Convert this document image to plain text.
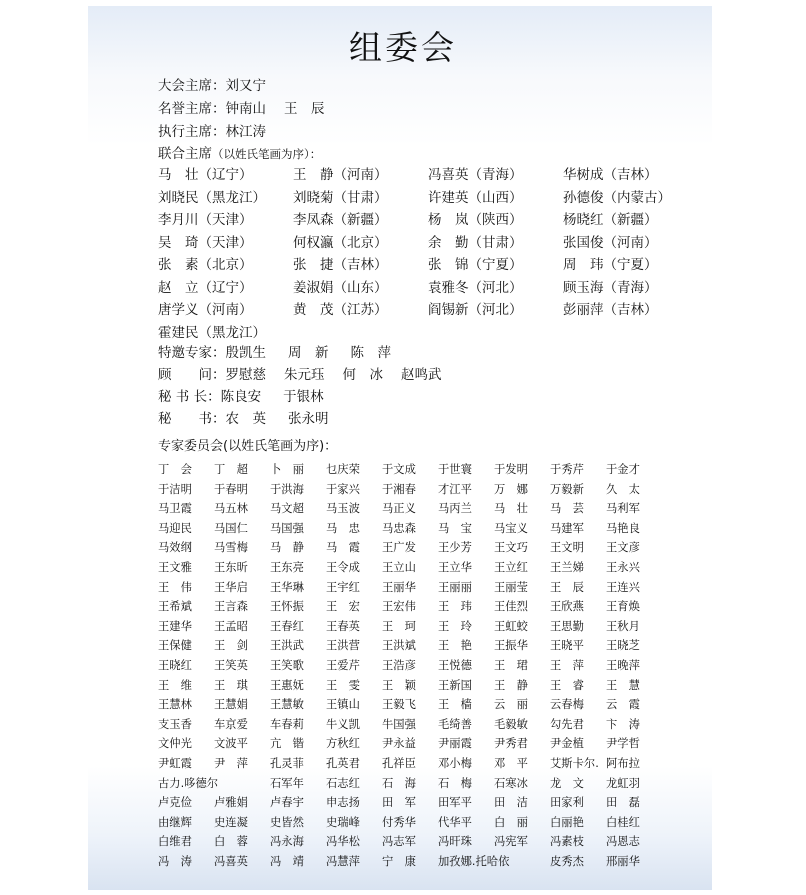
组委会
大会主席：刘又宁
名誉主席：钟南山 王　辰
执行主席：林江涛
联合主席（以姓氏笔画为序）：
马　壮（辽宁）	王　静（河南）	冯喜英（青海）	华树成（吉林）
刘晓民（黑龙江）	刘晓菊（甘肃）	许建英（山西）	孙德俊（内蒙古）
李月川（天津）	李凤森（新疆）	杨　岚（陕西）	杨晓红（新疆）
吴　琦（天津）	何权瀛（北京）	余　勤（甘肃）	张国俊（河南）
张　素（北京）	张　捷（吉林）	张　锦（宁夏）	周　玮（宁夏）
赵　立（辽宁）	姜淑娟（山东）	袁雅冬（河北）	顾玉海（青海）
唐学义（河南）	黄　茂（江苏）	阎锡新（河北）	彭丽萍（吉林）
霍建民（黑龙江）
特邀专家：殷凯生 周　新 陈　萍
顾　　问：罗慰慈 朱元珏 何　冰 赵鸣武
秘 书 长：陈良安 于银林
秘　　书：农　英 张永明
专家委员会(以姓氏笔画为序)：
丁　会	丁　超	卜　丽	乜庆荣	于文成	于世寰	于发明	于秀芹	于金才
于洁明	于春明	于洪海	于家兴	于湘春	才江平	万　娜	万毅新	久　太
马卫霞	马五林	马文超	马玉波	马正义	马丙兰	马　壮	马　芸	马利军
马迎民	马国仁	马国强	马　忠	马忠森	马　宝	马宝义	马建军	马艳良
马效纲	马雪梅	马　静	马　霞	王广发	王少芳	王文巧	王文明	王文彦
王文雅	王东昕	王东亮	王令成	王立山	王立华	王立红	王兰娣	王永兴
王　伟	王华启	王华琳	王宇红	王丽华	王丽丽	王丽莹	王　辰	王连兴
王希斌	王言森	王怀振	王　宏	王宏伟	王　玮	王佳烈	王欣燕	王育焕
王建华	王孟昭	王春红	王春英	王　珂	王　玲	王虹蛟	王思勤	王秋月
王保健	王　剑	王洪武	王洪营	王洪斌	王　艳	王振华	王晓平	王晓芝
王晓红	王笑英	王笑歌	王爱芹	王浩彦	王悦德	王　珺	王　萍	王晚萍
王　维	王　琪	王惠妩	王　雯	王　颖	王新国	王　静	王　睿	王　慧
王慧林	王慧娟	王慧敏	王镇山	王毅飞	王　樯	云　丽	云春梅	云　霞
支玉香	车京爱	车春莉	牛义凯	牛国强	毛绮善	毛毅敏	勾先君	卞　涛
文仲光	文波平	亢　锴	方秋红	尹永益	尹丽霞	尹秀君	尹金植	尹学哲
尹虹霞	尹　萍	孔灵菲	孔英君	孔祥臣	邓小梅	邓　平	艾斯卡尔. 阿布拉
古力.哆德尔	石军年	石志红	石　海	石　梅	石寒冰	龙　文	龙虹羽
卢克俭	卢雅娟	卢春宇	申志扬	田　军	田军平	田　洁	田家利	田　磊
由继辉	史连凝	史皆然	史瑞峰	付秀华	代华平	白　丽	白丽艳	白桂红
白维君	白　蓉	冯永海	冯华松	冯志军	冯旰珠	冯宪军	冯素枝	冯恩志
冯　涛	冯喜英	冯　靖	冯慧萍	宁　康	加孜娜.托哈依	皮秀杰	邢丽华
